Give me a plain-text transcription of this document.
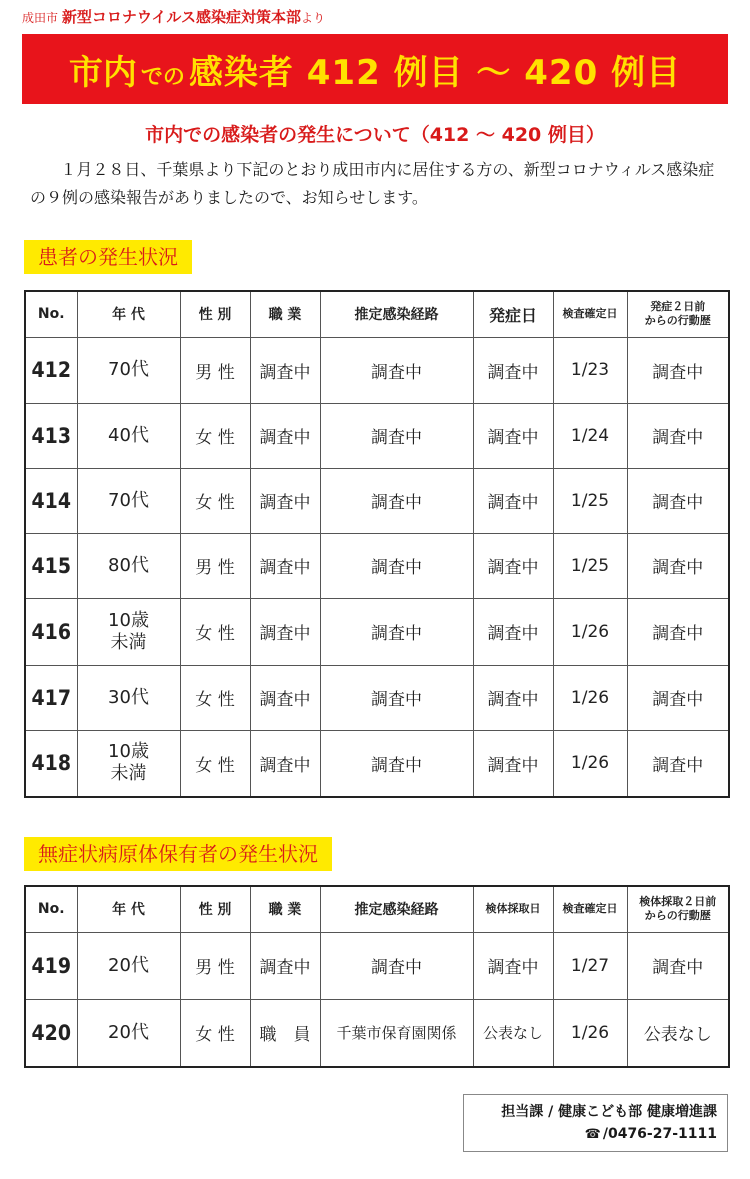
成田市 新型コロナウイルス感染症対策本部より
市内 での 感染者 412 例目 ～ 420 例目
市内での感染者の発生について（412 ～ 420 例目）
１月２８日、千葉県より下記のとおり成田市内に居住する方の、新型コロナウィルス感染症の９例の感染報告がありましたので、お知らせします。
患者の発生状況
No.	年 代	性 別	職 業	推定感染経路	発症日	検査確定日	発症２日前
からの行動歴

412	70代	男 性	調査中	調査中	調査中	1/23	調査中
413	40代	女 性	調査中	調査中	調査中	1/24	調査中
414	70代	女 性	調査中	調査中	調査中	1/25	調査中
415	80代	男 性	調査中	調査中	調査中	1/25	調査中
416	10歳
未満	女 性	調査中	調査中	調査中	1/26	調査中
417	30代	女 性	調査中	調査中	調査中	1/26	調査中
418	10歳
未満	女 性	調査中	調査中	調査中	1/26	調査中
無症状病原体保有者の発生状況
No.	年 代	性 別	職 業	推定感染経路	検体採取日	検査確定日	検体採取２日前
からの行動歴

419	20代	男 性	調査中	調査中	調査中	1/27	調査中
420	20代	女 性	職　員	千葉市保育園関係	公表なし	1/26	公表なし
担当課 / 健康こども部 健康増進課
☎ /0476-27-1111
